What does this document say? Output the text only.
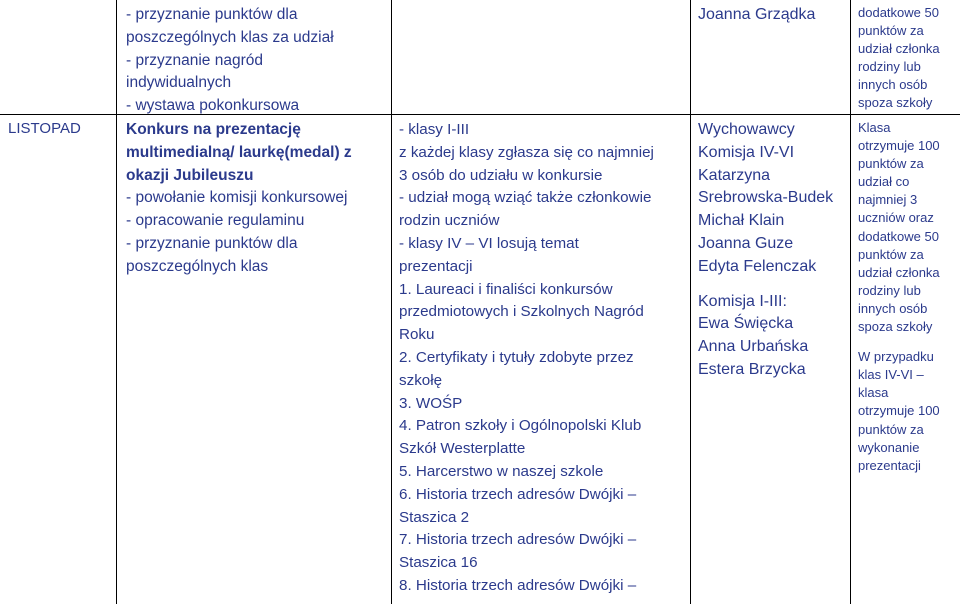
- przyznanie punktów dla
poszczególnych klas za udział
- przyznanie nagród
indywidualnych
- wystawa pokonkursowa
Joanna Grządka	dodatkowe 50
punktów za
udział członka
rodziny lub
innych osób
spoza szkoły
LISTOPAD	Konkurs na prezentację
multimedialną/ laurkę(medal) z
okazji Jubileuszu
- powołanie komisji konkursowej
- opracowanie regulaminu
- przyznanie punktów dla
poszczególnych klas
- klasy I-III
z każdej klasy zgłasza się co najmniej
3 osób do udziału w konkursie
- udział mogą wziąć także członkowie
rodzin uczniów
- klasy IV – VI losują temat
prezentacji
1. Laureaci i finaliści konkursów
przedmiotowych i Szkolnych Nagród
Roku
2. Certyfikaty i tytuły zdobyte przez
szkołę
3. WOŚP
4. Patron szkoły i Ogólnopolski Klub
Szkół Westerplatte
5. Harcerstwo w naszej szkole
6. Historia trzech adresów Dwójki –
Staszica 2
7. Historia trzech adresów Dwójki –
Staszica 16
8. Historia trzech adresów Dwójki –
Wychowawcy
Komisja IV-VI
Katarzyna
Srebrowska-Budek
Michał Klain
Joanna Guze
Edyta Felenczak
Komisja I-III:
Ewa Święcka
Anna Urbańska
Estera Brzycka
Klasa
otrzymuje 100
punktów za
udział co
najmniej 3
uczniów oraz
dodatkowe 50
punktów za
udział członka
rodziny lub
innych osób
spoza szkoły
W przypadku
klas IV-VI –
klasa
otrzymuje 100
punktów za
wykonanie
prezentacji
